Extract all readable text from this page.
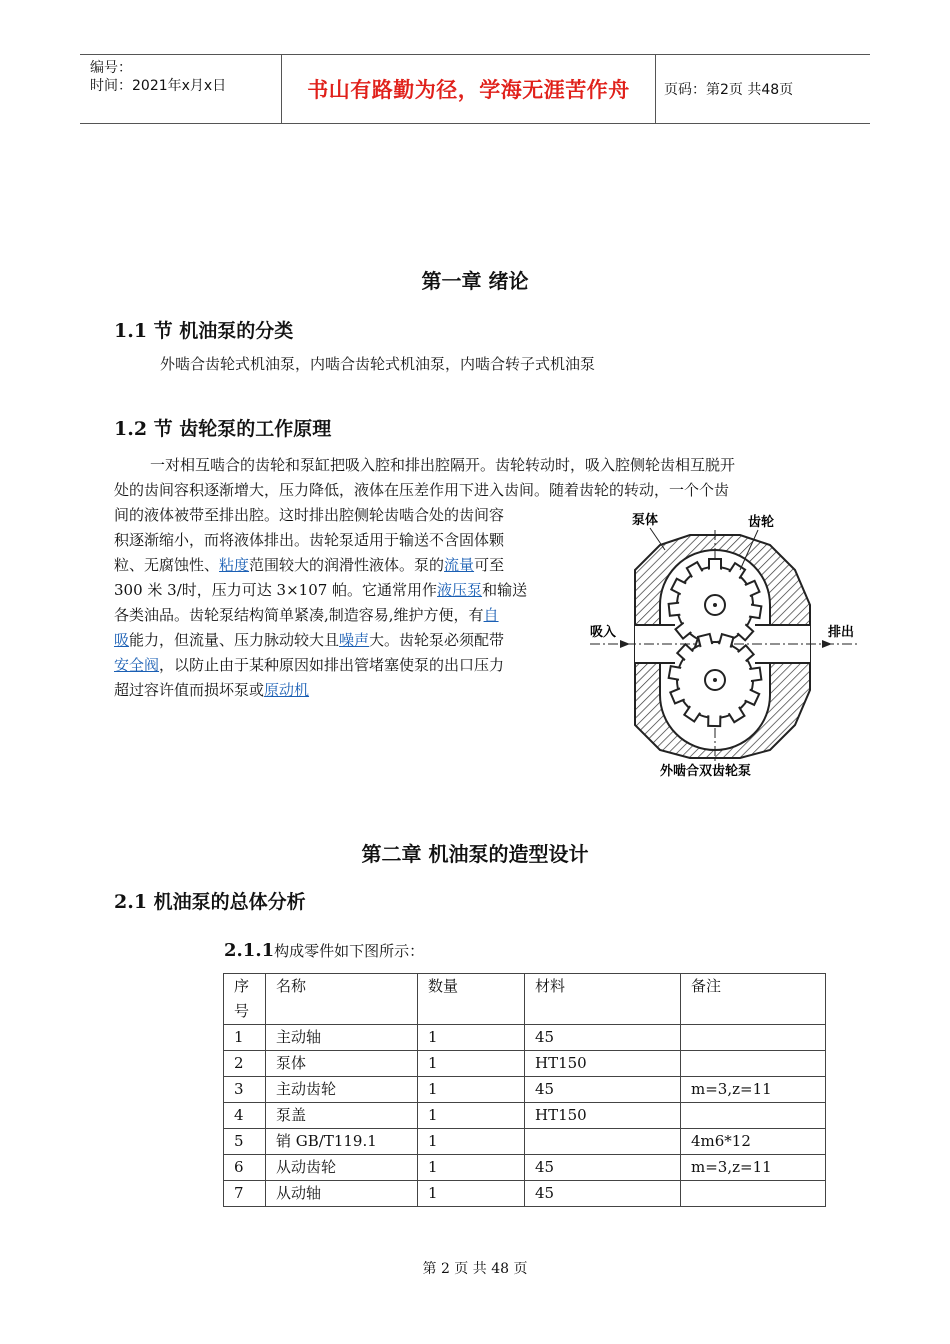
编号：
时间：2021年x月x日	书山有路勤为径，学海无涯苦作舟	页码：第2页 共48页
第一章 绪论
1.1 节 机油泵的分类
外啮合齿轮式机油泵，内啮合齿轮式机油泵，内啮合转子式机油泵
1.2 节 齿轮泵的工作原理
一对相互啮合的齿轮和泵缸把吸入腔和排出腔隔开。齿轮转动时，吸入腔侧轮齿相互脱开
处的齿间容积逐渐增大，压力降低，液体在压差作用下进入齿间。随着齿轮的转动，一个个齿
间的液体被带至排出腔。这时排出腔侧轮齿啮合处的齿间容
积逐渐缩小，而将液体排出。齿轮泵适用于输送不含固体颗
粒、无腐蚀性、粘度范围较大的润滑性液体。泵的流量可至
300 米 3/时，压力可达 3×107 帕。它通常用作液压泵和输送
各类油品。齿轮泵结构简单紧凑,制造容易,维护方便，有自
吸能力，但流量、压力脉动较大且噪声大。齿轮泵必须配带
安全阀，以防止由于某种原因如排出管堵塞使泵的出口压力
超过容许值而损坏泵或原动机
泵体	齿轮
吸入	排出
外啮合双齿轮泵
第二章 机油泵的造型设计
2.1 机油泵的总体分析
2.1.1构成零件如下图所示：
序号	名称	数量	材料	备注
1	主动轴	1	45	
2	泵体	1	HT150	
3	主动齿轮	1	45	m=3,z=11
4	泵盖	1	HT150	
5	销 GB/T119.1	1		4m6*12
6	从动齿轮	1	45	m=3,z=11
7	从动轴	1	45	
第 2 页 共 48 页
